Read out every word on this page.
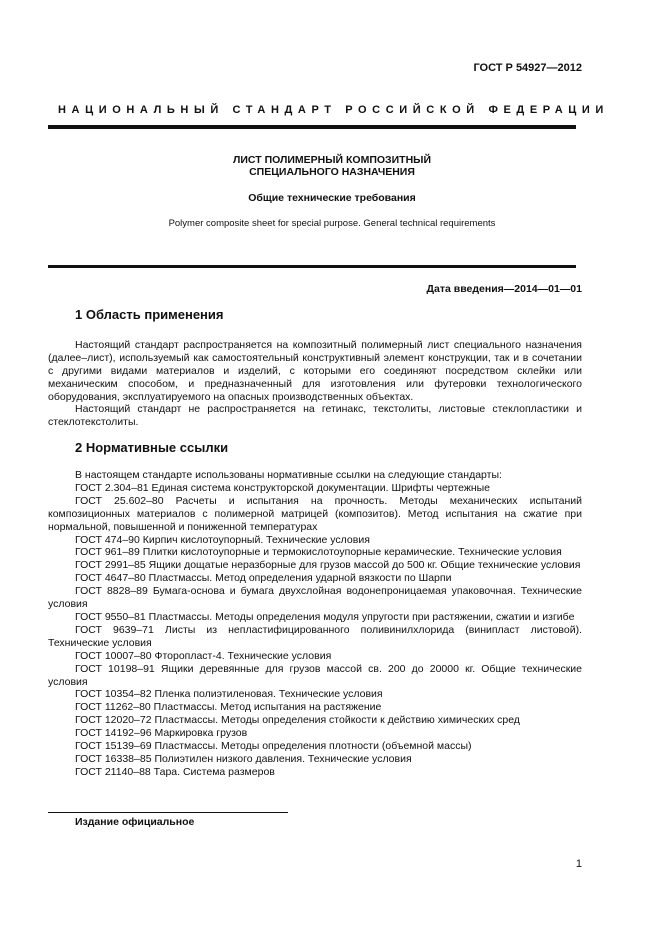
ГОСТ Р 54927—2012
НАЦИОНАЛЬНЫЙ СТАНДАРТ РОССИЙСКОЙ ФЕДЕРАЦИИ
ЛИСТ ПОЛИМЕРНЫЙ КОМПОЗИТНЫЙ
СПЕЦИАЛЬНОГО НАЗНАЧЕНИЯ
Общие технические требования
Polymer composite sheet for special purpose. General technical requirements
Дата введения—2014—01—01
1 Область применения

Настоящий стандарт распространяется на композитный полимерный лист специального назначения (далее–лист), используемый как самостоятельный конструктивный элемент конструкции, так и в сочетании с другими видами материалов и изделий, с которыми его соединяют посредством склейки или механическим способом, и предназначенный для изготовления или футеровки технологического оборудования, эксплуатируемого на опасных производственных объектах.

Настоящий стандарт не распространяется на гетинакс, текстолиты, листовые стеклопластики и стеклотекстолиты.

2 Нормативные ссылки

В настоящем стандарте использованы нормативные ссылки на следующие стандарты:

ГОСТ 2.304–81 Единая система конструкторской документации. Шрифты чертежные

ГОСТ 25.602–80 Расчеты и испытания на прочность. Методы механических испытаний композиционных материалов с полимерной матрицей (композитов). Метод испытания на сжатие при нормальной, повышенной и пониженной температурах

ГОСТ 474–90 Кирпич кислотоупорный. Технические условия

ГОСТ 961–89 Плитки кислотоупорные и термокислотоупорные керамические. Технические условия

ГОСТ 2991–85 Ящики дощатые неразборные для грузов массой до 500 кг. Общие технические условия

ГОСТ 4647–80 Пластмассы. Метод определения ударной вязкости по Шарпи

ГОСТ 8828–89 Бумага-основа и бумага двухслойная водонепроницаемая упаковочная. Технические условия

ГОСТ 9550–81 Пластмассы. Методы определения модуля упругости при растяжении, сжатии и изгибе

ГОСТ 9639–71 Листы из непластифицированного поливинилхлорида (винипласт листовой). Технические условия

ГОСТ 10007–80 Фторопласт-4. Технические условия

ГОСТ 10198–91 Ящики деревянные для грузов массой св. 200 до 20000 кг. Общие технические условия

ГОСТ 10354–82 Пленка полиэтиленовая. Технические условия

ГОСТ 11262–80 Пластмассы. Метод испытания на растяжение

ГОСТ 12020–72 Пластмассы. Методы определения стойкости к действию химических сред

ГОСТ 14192–96 Маркировка грузов

ГОСТ 15139–69 Пластмассы. Методы определения плотности (объемной массы)

ГОСТ 16338–85 Полиэтилен низкого давления. Технические условия

ГОСТ 21140–88 Тара. Система размеров

Издание официальное
1
